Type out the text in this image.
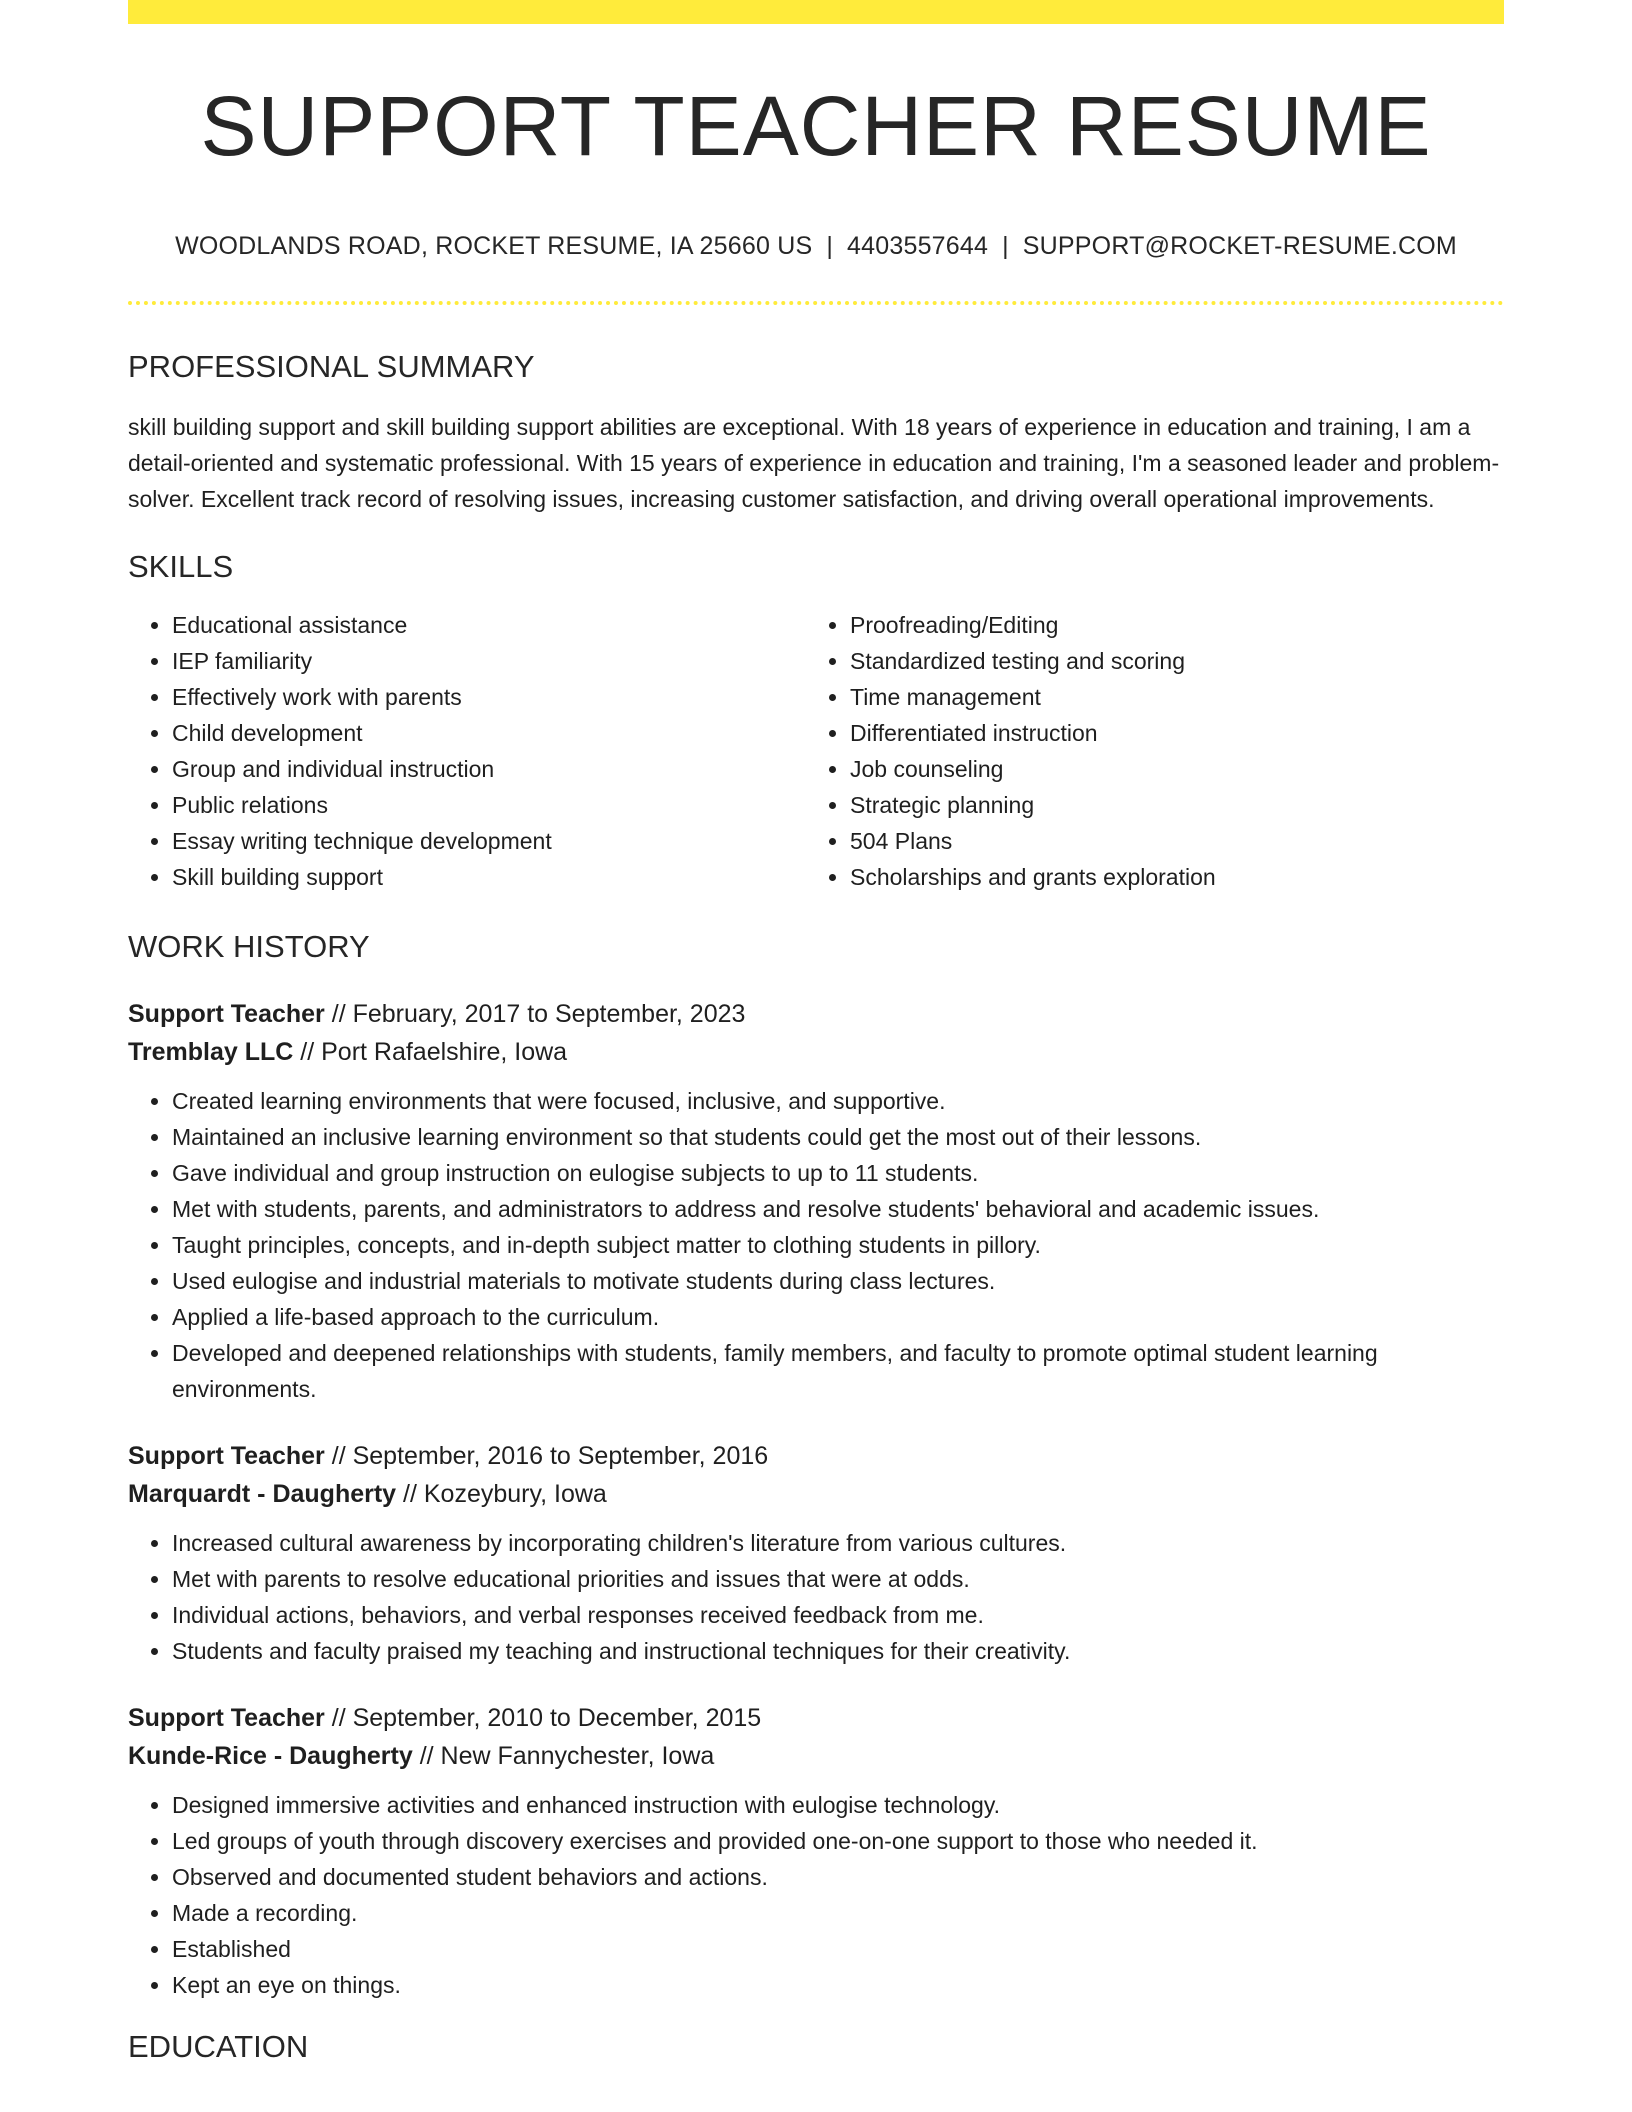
SUPPORT TEACHER RESUME
WOODLANDS ROAD, ROCKET RESUME, IA 25660 US | 4403557644 | SUPPORT@ROCKET-RESUME.COM
PROFESSIONAL SUMMARY

skill building support and skill building support abilities are exceptional. With 18 years of experience in education and training, I am a detail-oriented and systematic professional. With 15 years of experience in education and training, I'm a seasoned leader and problem-solver. Excellent track record of resolving issues, increasing customer satisfaction, and driving overall operational improvements.

SKILLS
• Educational assistance
• IEP familiarity
• Effectively work with parents
• Child development
• Group and individual instruction
• Public relations
• Essay writing technique development
• Skill building support
• Proofreading/Editing
• Standardized testing and scoring
• Time management
• Differentiated instruction
• Job counseling
• Strategic planning
• 504 Plans
• Scholarships and grants exploration
WORK HISTORY
Support Teacher // February, 2017 to September, 2023
Tremblay LLC // Port Rafaelshire, Iowa
• Created learning environments that were focused, inclusive, and supportive.
• Maintained an inclusive learning environment so that students could get the most out of their lessons.
• Gave individual and group instruction on eulogise subjects to up to 11 students.
• Met with students, parents, and administrators to address and resolve students' behavioral and academic issues.
• Taught principles, concepts, and in-depth subject matter to clothing students in pillory.
• Used eulogise and industrial materials to motivate students during class lectures.
• Applied a life-based approach to the curriculum.
• Developed and deepened relationships with students, family members, and faculty to promote optimal student learning environments.
Support Teacher // September, 2016 to September, 2016
Marquardt - Daugherty // Kozeybury, Iowa
• Increased cultural awareness by incorporating children's literature from various cultures.
• Met with parents to resolve educational priorities and issues that were at odds.
• Individual actions, behaviors, and verbal responses received feedback from me.
• Students and faculty praised my teaching and instructional techniques for their creativity.
Support Teacher // September, 2010 to December, 2015
Kunde-Rice - Daugherty // New Fannychester, Iowa
• Designed immersive activities and enhanced instruction with eulogise technology.
• Led groups of youth through discovery exercises and provided one-on-one support to those who needed it.
• Observed and documented student behaviors and actions.
• Made a recording.
• Established
• Kept an eye on things.
EDUCATION
